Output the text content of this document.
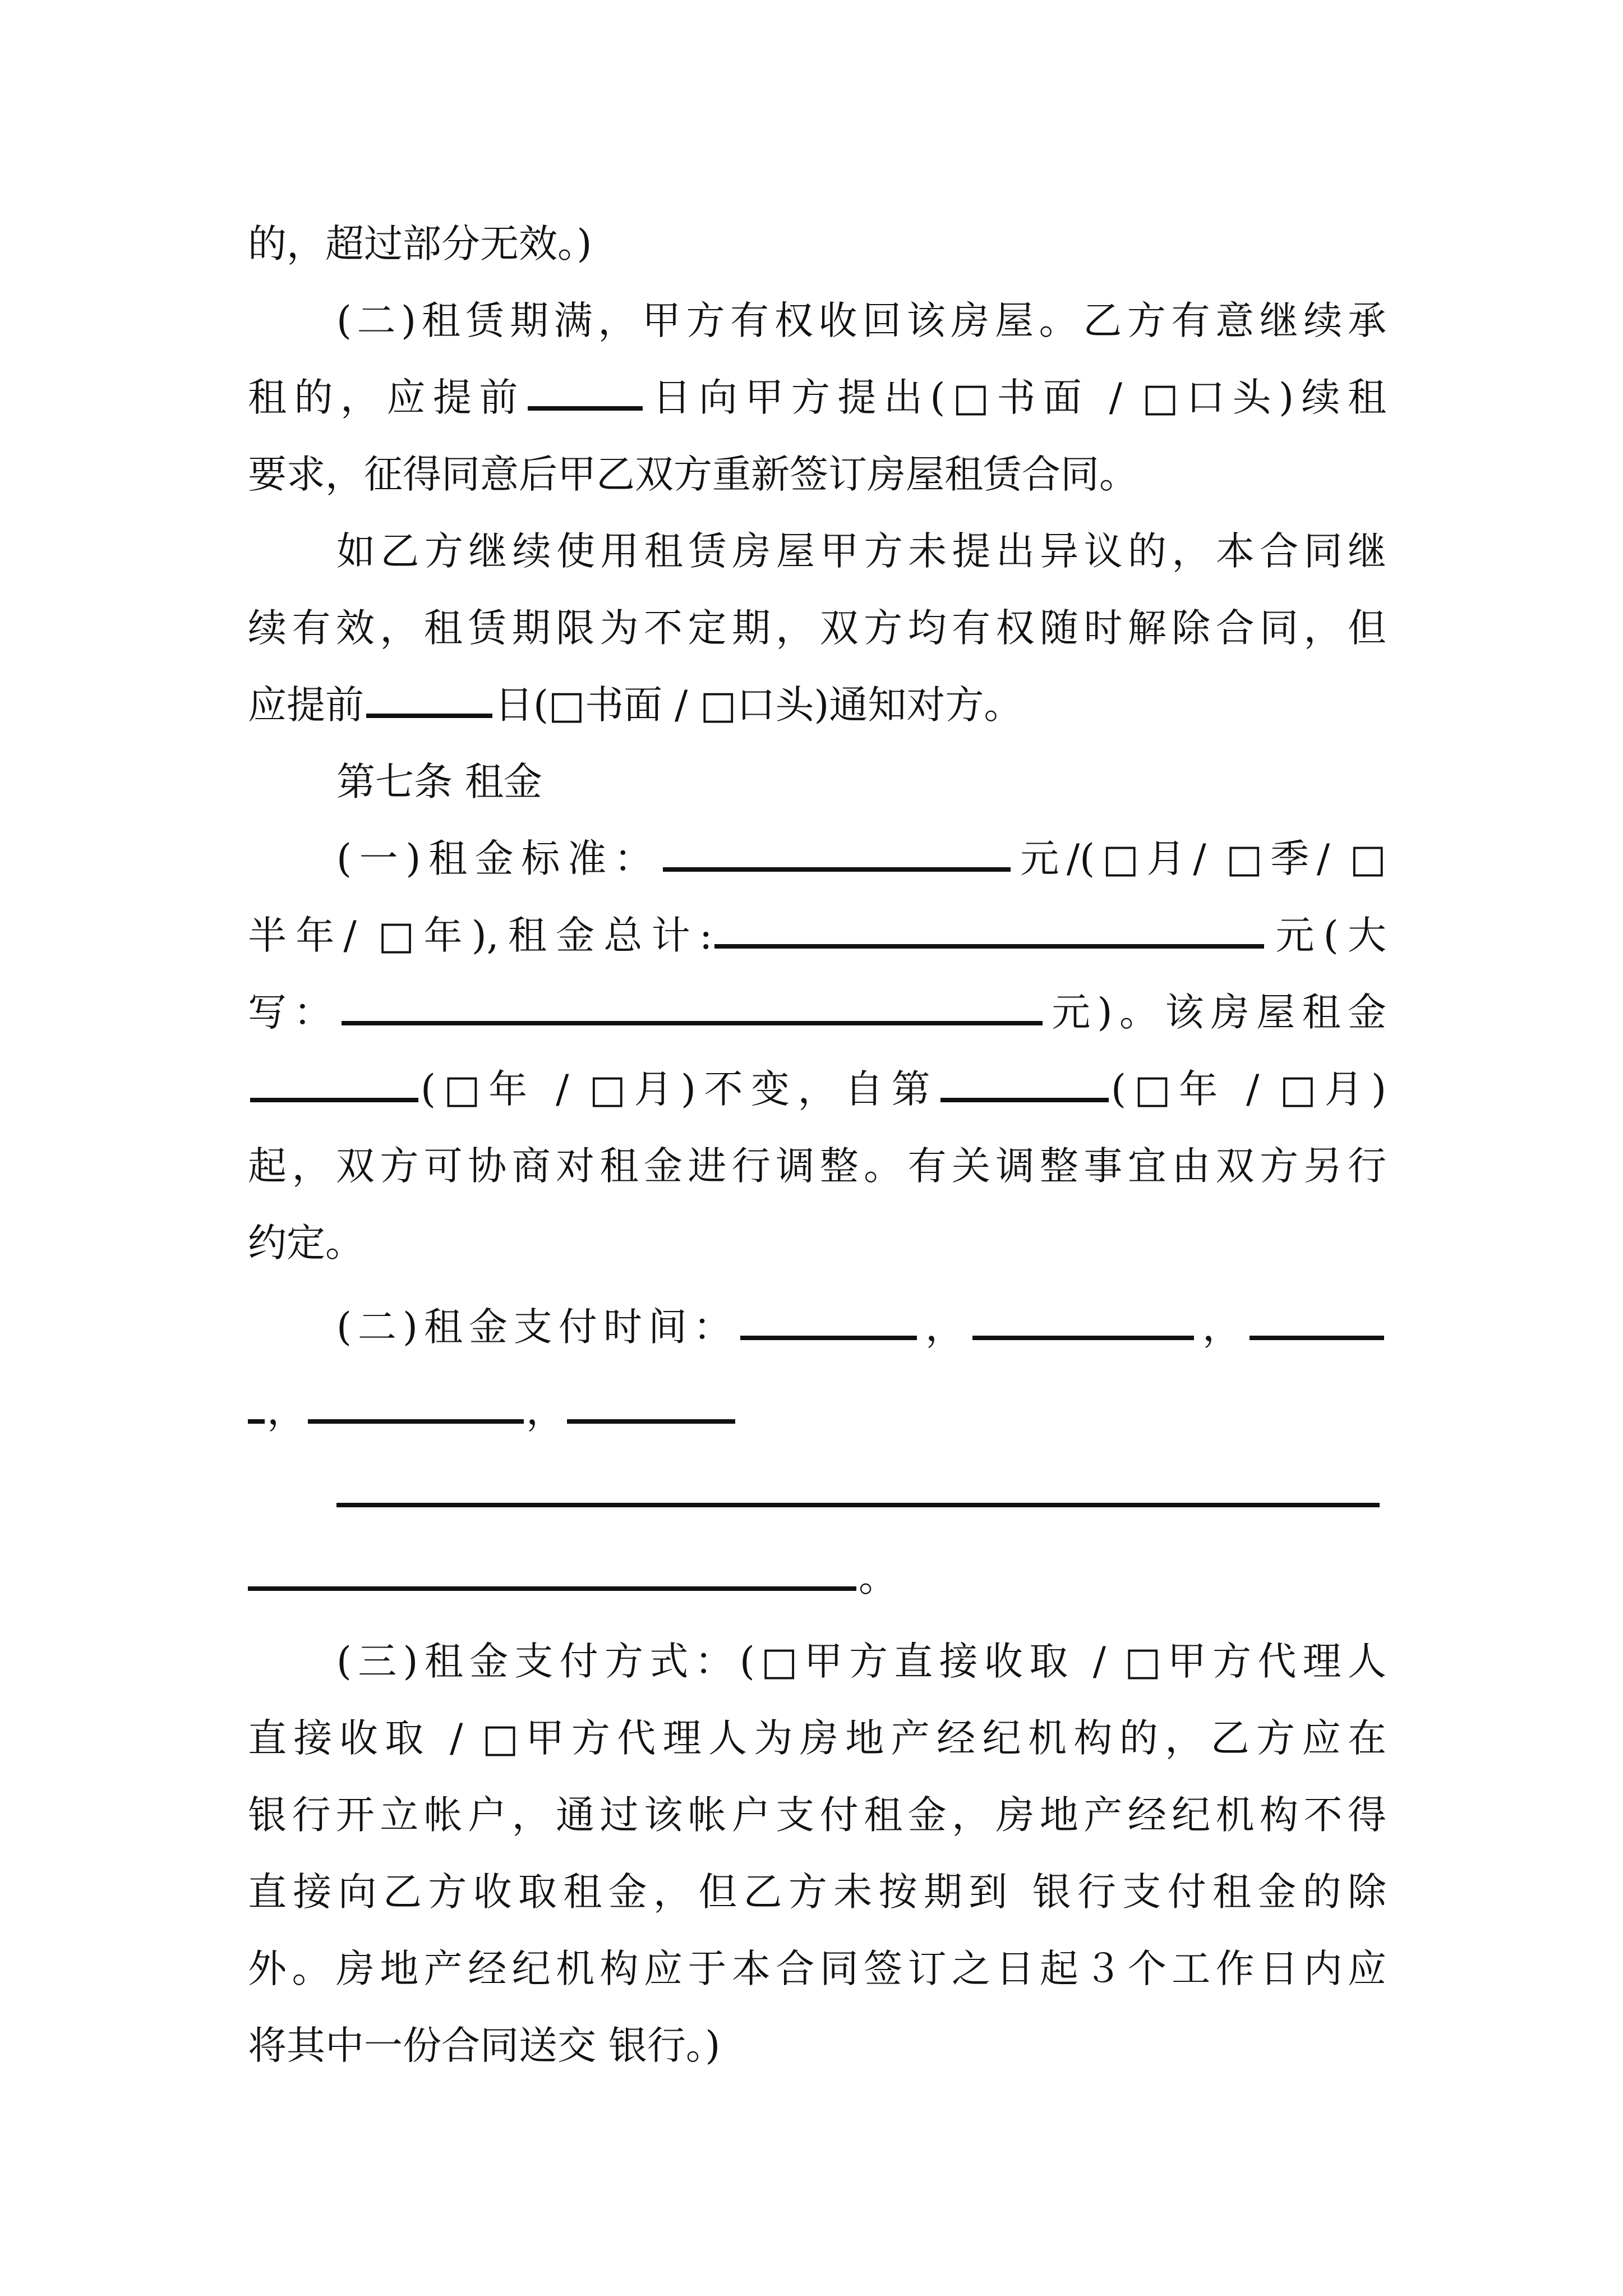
的，超过部分无效。)
(二)租赁期满，甲方有权收回该房屋。乙方有意继续承
租的，应提前	日向甲方提出(□书面 / □口头)续租
要求，征得同意后甲乙双方重新签订房屋租赁合同。
如乙方继续使用租赁房屋甲方未提出异议的，本合同继
续有效，租赁期限为不定期，双方均有权随时解除合同，但
应提前	日(□书面 / □口头)通知对方。
第七条 租金
(一)租金标准：	元/(□月/ □季/ □
半年/ □年),租金总计:	元(大
写：	元)。该房屋租金
(□年 / □月)不变，自第	(□年 / □月)
起，双方可协商对租金进行调整。有关调整事宜由双方另行
约定。
(二)租金支付时间：	，	，
，	，
。
(三)租金支付方式：(□甲方直接收取 / □甲方代理人
直接收取 / □甲方代理人为房地产经纪机构的，乙方应在
银行开立帐户，通过该帐户支付租金，房地产经纪机构不得
直接向乙方收取租金，但乙方未按期到 银行支付租金的除
外。房地产经纪机构应于本合同签订之日起３个工作日内应
将其中一份合同送交 银行。)
